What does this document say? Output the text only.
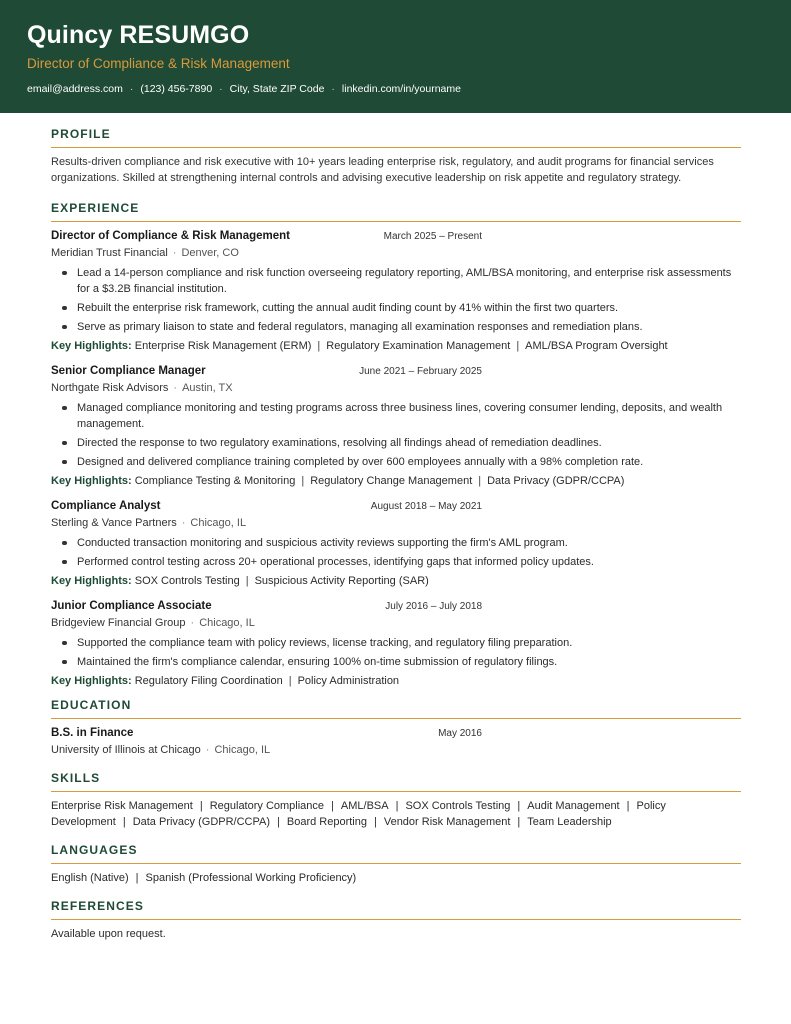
Quincy RESUMGO
Director of Compliance & Risk Management
email@address.com · (123) 456-7890 · City, State ZIP Code · linkedin.com/in/yourname
PROFILE
Results-driven compliance and risk executive with 10+ years leading enterprise risk, regulatory, and audit programs for financial services organizations. Skilled at strengthening internal controls and advising executive leadership on risk appetite and regulatory strategy.
EXPERIENCE
Director of Compliance & Risk Management	March 2025 – Present
Meridian Trust Financial · Denver, CO
Lead a 14-person compliance and risk function overseeing regulatory reporting, AML/BSA monitoring, and enterprise risk assessments for a $3.2B financial institution.
Rebuilt the enterprise risk framework, cutting the annual audit finding count by 41% within the first two quarters.
Serve as primary liaison to state and federal regulators, managing all examination responses and remediation plans.
Key Highlights: Enterprise Risk Management (ERM) | Regulatory Examination Management | AML/BSA Program Oversight
Senior Compliance Manager	June 2021 – February 2025
Northgate Risk Advisors · Austin, TX
Managed compliance monitoring and testing programs across three business lines, covering consumer lending, deposits, and wealth management.
Directed the response to two regulatory examinations, resolving all findings ahead of remediation deadlines.
Designed and delivered compliance training completed by over 600 employees annually with a 98% completion rate.
Key Highlights: Compliance Testing & Monitoring | Regulatory Change Management | Data Privacy (GDPR/CCPA)
Compliance Analyst	August 2018 – May 2021
Sterling & Vance Partners · Chicago, IL
Conducted transaction monitoring and suspicious activity reviews supporting the firm's AML program.
Performed control testing across 20+ operational processes, identifying gaps that informed policy updates.
Key Highlights: SOX Controls Testing | Suspicious Activity Reporting (SAR)
Junior Compliance Associate	July 2016 – July 2018
Bridgeview Financial Group · Chicago, IL
Supported the compliance team with policy reviews, license tracking, and regulatory filing preparation.
Maintained the firm's compliance calendar, ensuring 100% on-time submission of regulatory filings.
Key Highlights: Regulatory Filing Coordination | Policy Administration
EDUCATION
B.S. in Finance	May 2016
University of Illinois at Chicago · Chicago, IL
SKILLS
Enterprise Risk Management | Regulatory Compliance | AML/BSA | SOX Controls Testing | Audit Management | Policy Development | Data Privacy (GDPR/CCPA) | Board Reporting | Vendor Risk Management | Team Leadership
LANGUAGES
English (Native) | Spanish (Professional Working Proficiency)
REFERENCES
Available upon request.
